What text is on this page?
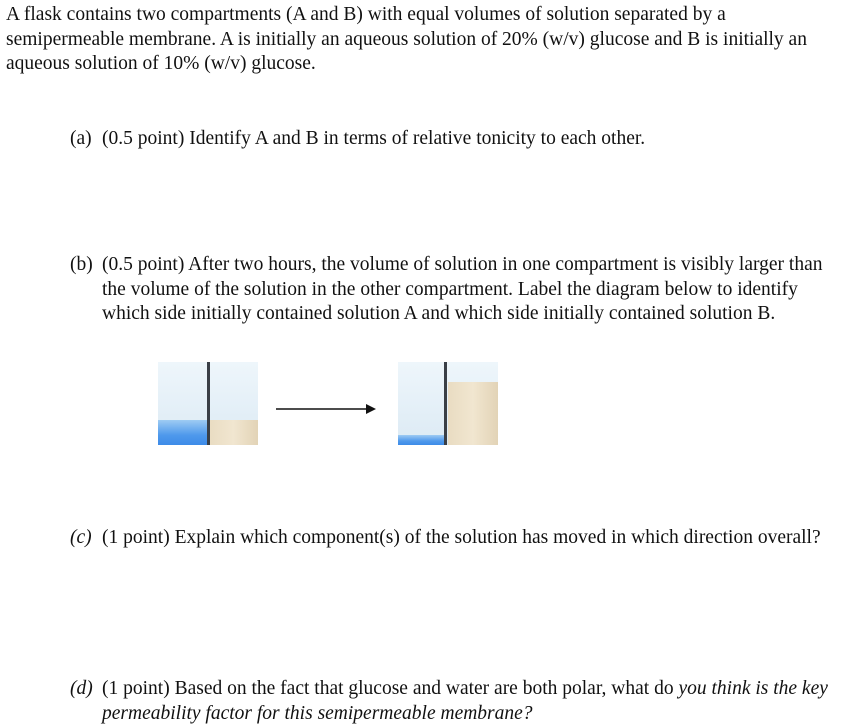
A flask contains two compartments (A and B) with equal volumes of solution separated by a semipermeable membrane. A is initially an aqueous solution of 20% (w/v) glucose and B is initially an aqueous solution of 10% (w/v) glucose.
(a) (0.5 point) Identify A and B in terms of relative tonicity to each other.
(b) (0.5 point) After two hours, the volume of solution in one compartment is visibly larger than the volume of the solution in the other compartment. Label the diagram below to identify which side initially contained solution A and which side initially contained solution B.
(c) (1 point) Explain which component(s) of the solution has moved in which direction overall?
(d) (1 point) Based on the fact that glucose and water are both polar, what do you think is the key permeability factor for this semipermeable membrane?
